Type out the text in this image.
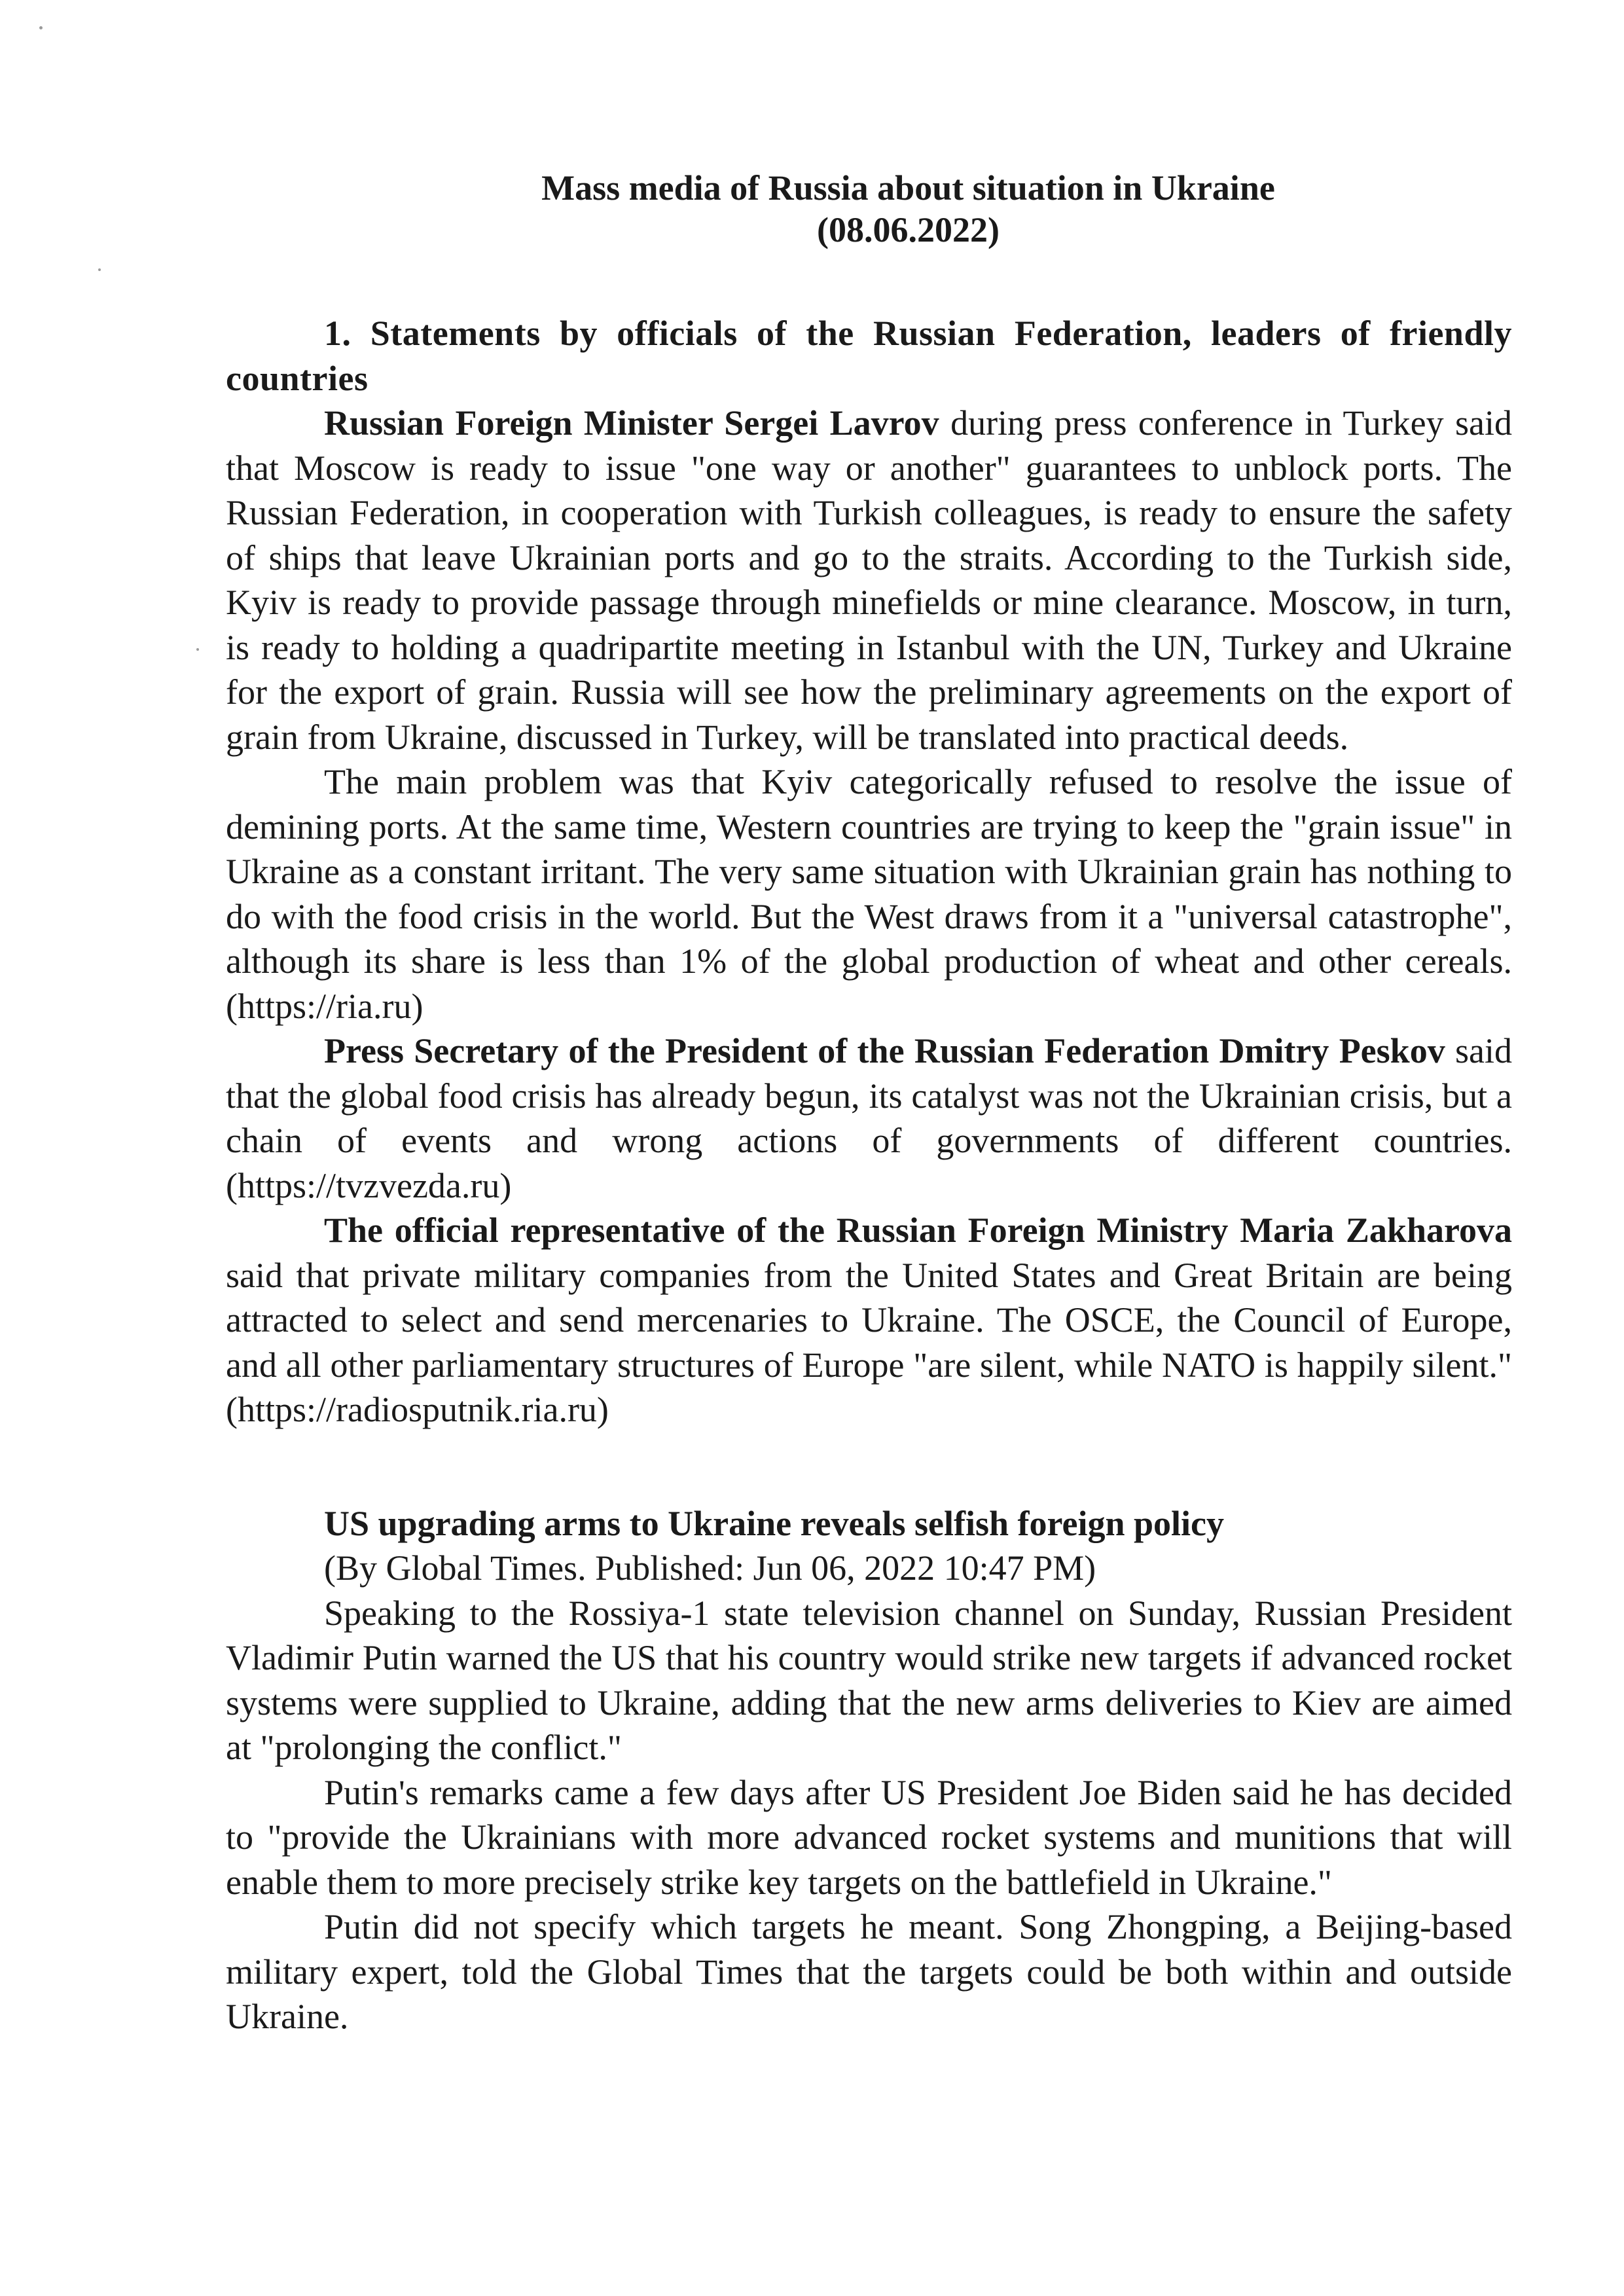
Mass media of Russia about situation in Ukraine
(08.06.2022)
1. Statements by officials of the Russian Federation, leaders of friendly countries

Russian Foreign Minister Sergei Lavrov during press conference in Turkey said that Moscow is ready to issue "one way or another" guarantees to unblock ports. The Russian Federation, in cooperation with Turkish colleagues, is ready to ensure the safety of ships that leave Ukrainian ports and go to the straits. According to the Turkish side, Kyiv is ready to provide passage through minefields or mine clearance. Moscow, in turn, is ready to holding a quadripartite meeting in Istanbul with the UN, Turkey and Ukraine for the export of grain. Russia will see how the preliminary agreements on the export of grain from Ukraine, discussed in Turkey, will be translated into practical deeds.

The main problem was that Kyiv categorically refused to resolve the issue of demining ports. At the same time, Western countries are trying to keep the "grain issue" in Ukraine as a constant irritant. The very same situation with Ukrainian grain has nothing to do with the food crisis in the world. But the West draws from it a "universal catastrophe", although its share is less than 1% of the global production of wheat and other cereals. (https://ria.ru)

Press Secretary of the President of the Russian Federation Dmitry Peskov said that the global food crisis has already begun, its catalyst was not the Ukrainian crisis, but a chain of events and wrong actions of governments of different countries. (https://tvzvezda.ru)

The official representative of the Russian Foreign Ministry Maria Zakharova said that private military companies from the United States and Great Britain are being attracted to select and send mercenaries to Ukraine. The OSCE, the Council of Europe, and all other parliamentary structures of Europe "are silent, while NATO is happily silent." (https://radiosputnik.ria.ru)

US upgrading arms to Ukraine reveals selfish foreign policy

(By Global Times. Published: Jun 06, 2022 10:47 PM)

Speaking to the Rossiya-1 state television channel on Sunday, Russian President Vladimir Putin warned the US that his country would strike new targets if advanced rocket systems were supplied to Ukraine, adding that the new arms deliveries to Kiev are aimed at "prolonging the conflict."

Putin's remarks came a few days after US President Joe Biden said he has decided to "provide the Ukrainians with more advanced rocket systems and munitions that will enable them to more precisely strike key targets on the battlefield in Ukraine."

Putin did not specify which targets he meant. Song Zhongping, a Beijing-based military expert, told the Global Times that the targets could be both within and outside Ukraine.
